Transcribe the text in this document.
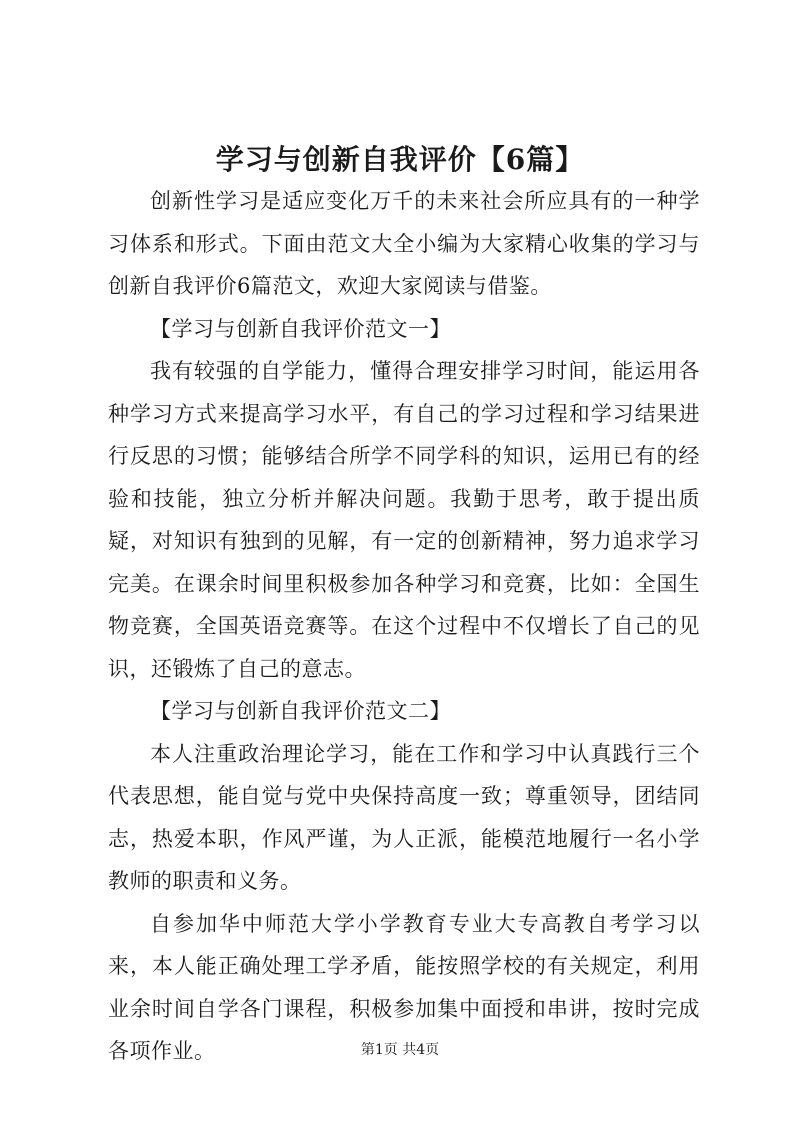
学习与创新自我评价【6篇】

创新性学习是适应变化万千的未来社会所应具有的一种学习体系和形式。下面由范文大全小编为大家精心收集的学习与创新自我评价6篇范文，欢迎大家阅读与借鉴。

【学习与创新自我评价范文一】

我有较强的自学能力，懂得合理安排学习时间，能运用各种学习方式来提高学习水平，有自己的学习过程和学习结果进行反思的习惯；能够结合所学不同学科的知识，运用已有的经验和技能，独立分析并解决问题。我勤于思考，敢于提出质疑，对知识有独到的见解，有一定的创新精神，努力追求学习完美。在课余时间里积极参加各种学习和竞赛，比如：全国生物竞赛，全国英语竞赛等。在这个过程中不仅增长了自己的见识，还锻炼了自己的意志。

【学习与创新自我评价范文二】

本人注重政治理论学习，能在工作和学习中认真践行三个代表思想，能自觉与党中央保持高度一致；尊重领导，团结同志，热爱本职，作风严谨，为人正派，能模范地履行一名小学教师的职责和义务。

自参加华中师范大学小学教育专业大专高教自考学习以来，本人能正确处理工学矛盾，能按照学校的有关规定，利用业余时间自学各门课程，积极参加集中面授和串讲，按时完成各项作业。	第1页 共4页
